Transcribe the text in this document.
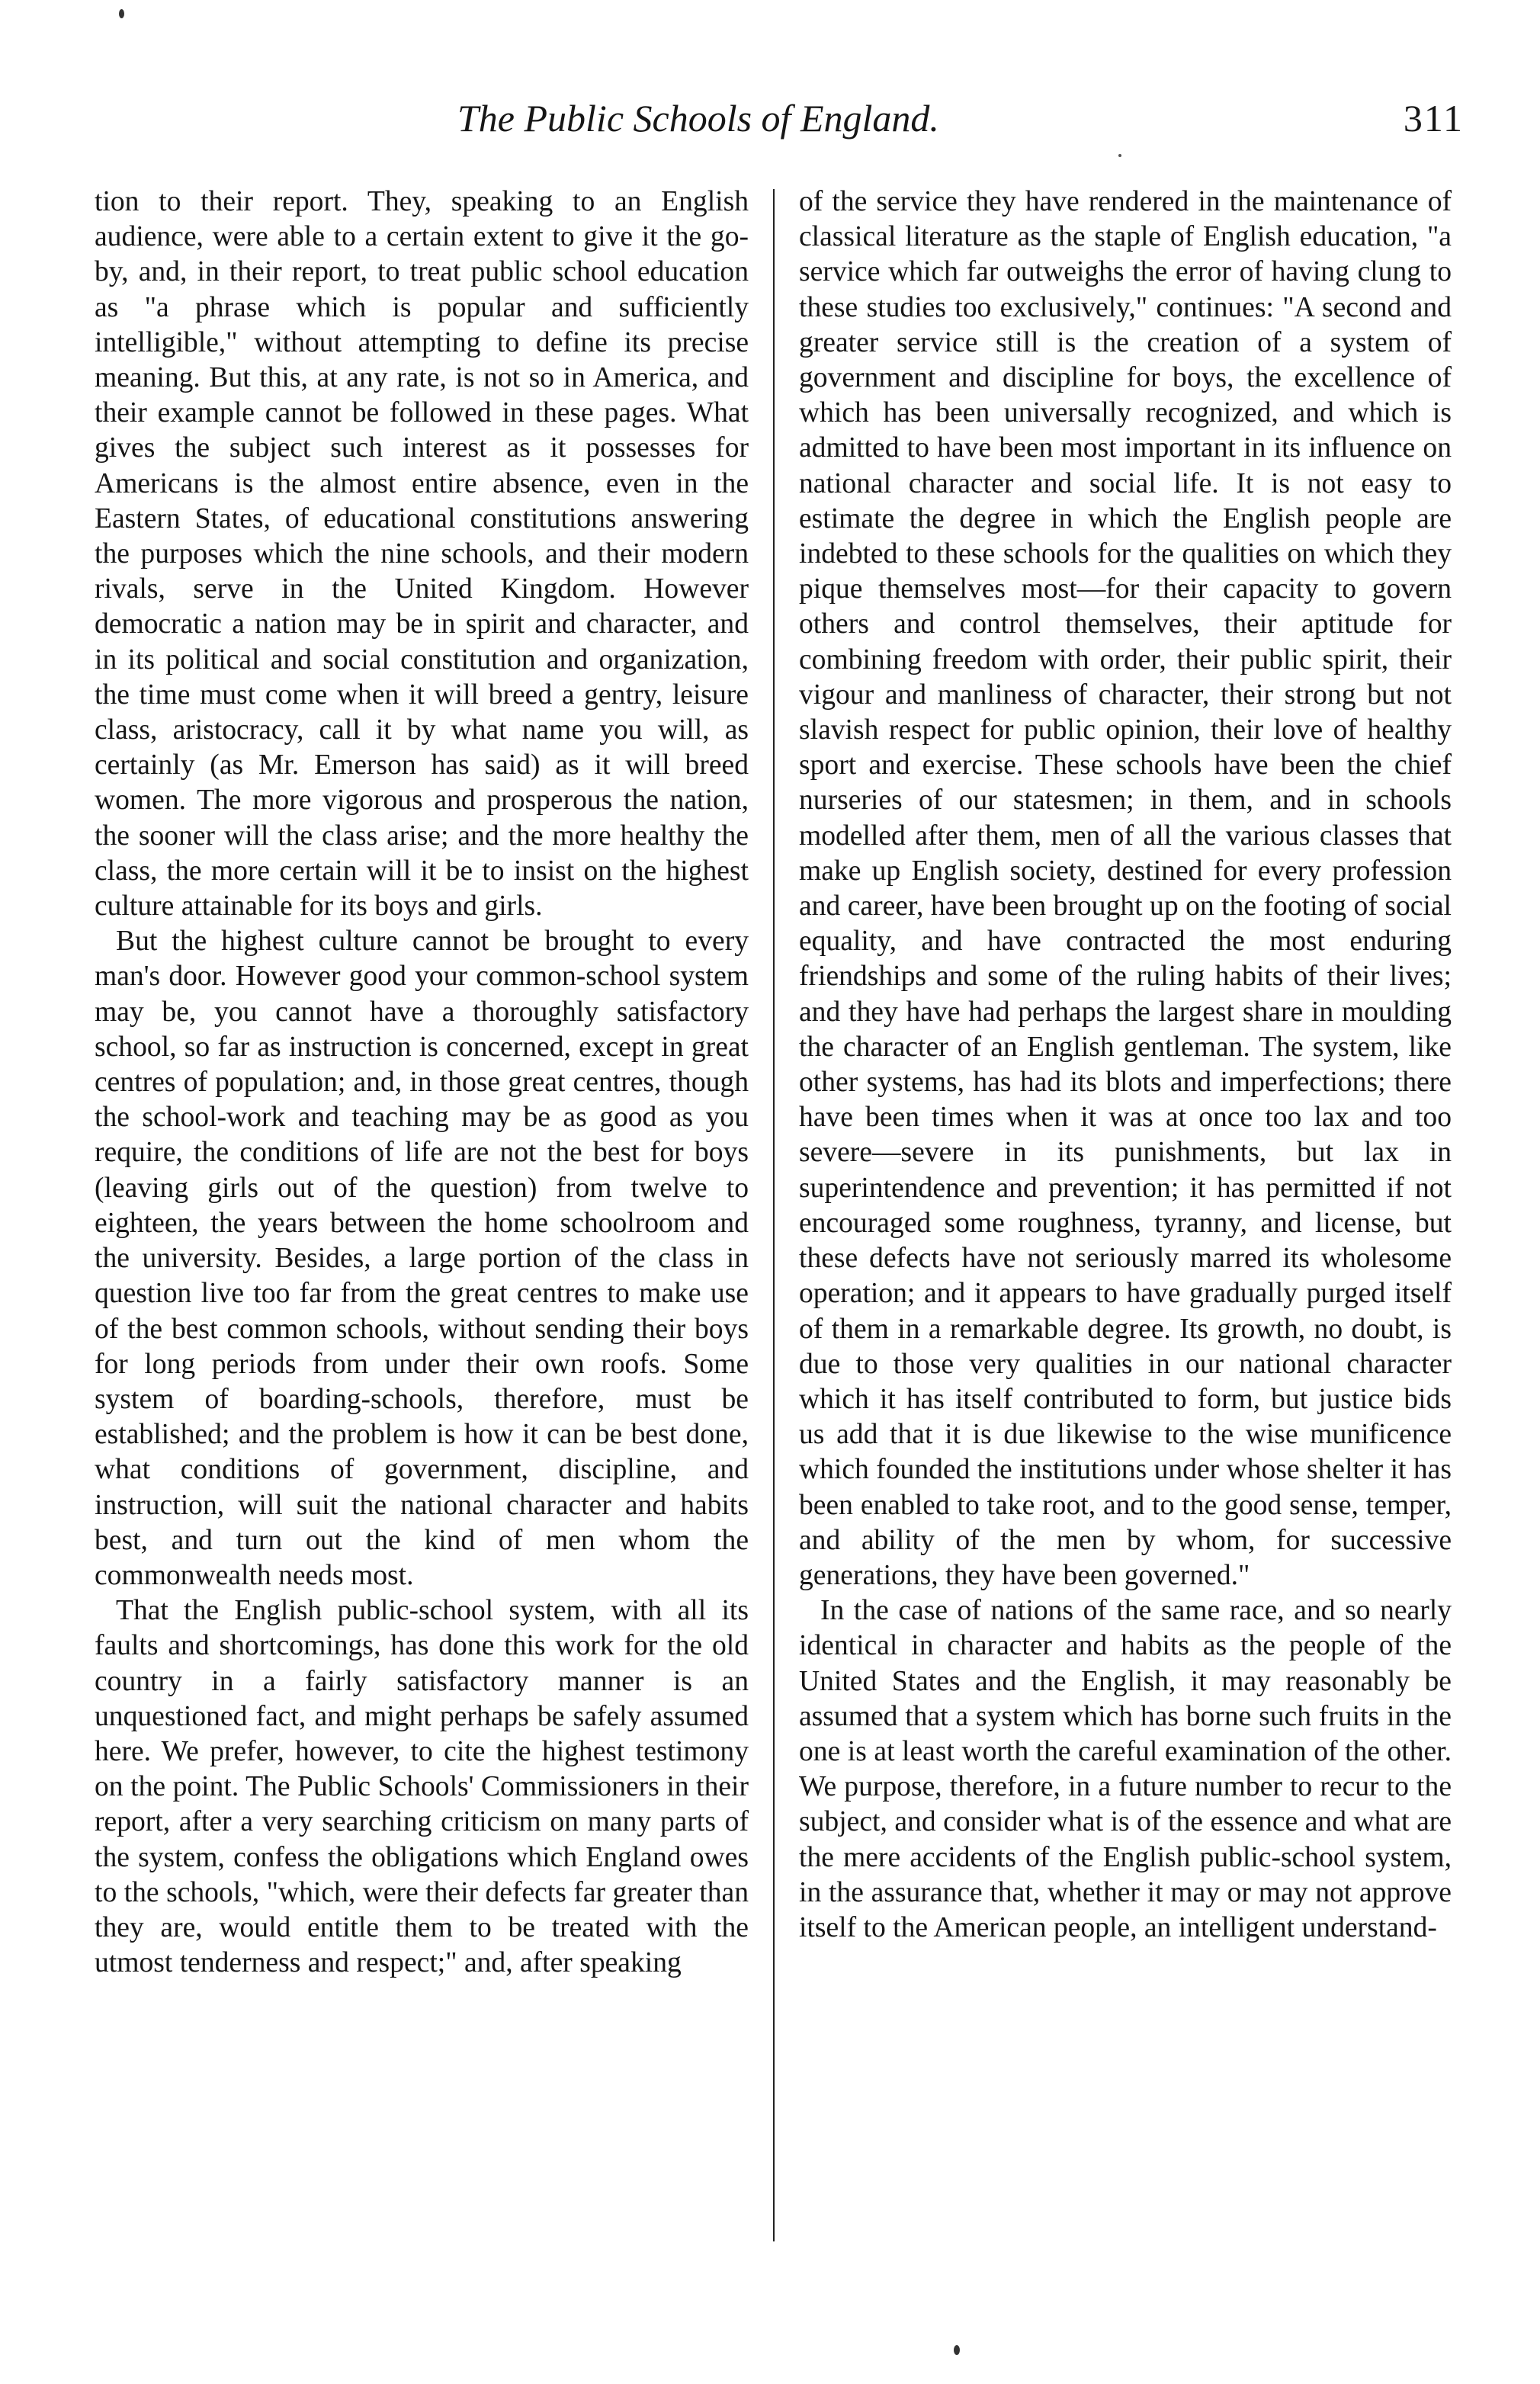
The Public Schools of England.	311

tion to their report. They, speaking to an English audience, were able to a certain extent to give it the go-by, and, in their report, to treat public school education as "a phrase which is popular and sufficiently intelligible," without attempting to define its precise meaning. But this, at any rate, is not so in America, and their example cannot be followed in these pages. What gives the subject such interest as it possesses for Americans is the almost entire absence, even in the Eastern States, of educational constitutions answering the purposes which the nine schools, and their modern rivals, serve in the United Kingdom. However democratic a nation may be in spirit and character, and in its political and social constitution and organization, the time must come when it will breed a gentry, leisure class, aristocracy, call it by what name you will, as certainly (as Mr. Emerson has said) as it will breed women. The more vigorous and prosperous the nation, the sooner will the class arise; and the more healthy the class, the more certain will it be to insist on the highest culture attainable for its boys and girls.

But the highest culture cannot be brought to every man's door. However good your common-school system may be, you cannot have a thoroughly satisfactory school, so far as instruction is concerned, except in great centres of population; and, in those great centres, though the school-work and teaching may be as good as you require, the conditions of life are not the best for boys (leaving girls out of the question) from twelve to eighteen, the years between the home schoolroom and the university. Besides, a large portion of the class in question live too far from the great centres to make use of the best common schools, without sending their boys for long periods from under their own roofs. Some system of boarding-schools, therefore, must be established; and the problem is how it can be best done, what conditions of government, discipline, and instruction, will suit the national character and habits best, and turn out the kind of men whom the commonwealth needs most.

That the English public-school system, with all its faults and shortcomings, has done this work for the old country in a fairly satisfactory manner is an unquestioned fact, and might perhaps be safely assumed here. We prefer, however, to cite the highest testimony on the point. The Public Schools' Commissioners in their report, after a very searching criticism on many parts of the system, confess the obligations which England owes to the schools, "which, were their defects far greater than they are, would entitle them to be treated with the utmost tenderness and respect;" and, after speaking

of the service they have rendered in the maintenance of classical literature as the staple of English education, "a service which far outweighs the error of having clung to these studies too exclusively," continues: "A second and greater service still is the creation of a system of government and discipline for boys, the excellence of which has been universally recognized, and which is admitted to have been most important in its influence on national character and social life. It is not easy to estimate the degree in which the English people are indebted to these schools for the qualities on which they pique themselves most—for their capacity to govern others and control themselves, their aptitude for combining freedom with order, their public spirit, their vigour and manliness of character, their strong but not slavish respect for public opinion, their love of healthy sport and exercise. These schools have been the chief nurseries of our statesmen; in them, and in schools modelled after them, men of all the various classes that make up English society, destined for every profession and career, have been brought up on the footing of social equality, and have contracted the most enduring friendships and some of the ruling habits of their lives; and they have had perhaps the largest share in moulding the character of an English gentleman. The system, like other systems, has had its blots and imperfections; there have been times when it was at once too lax and too severe—severe in its punishments, but lax in superintendence and prevention; it has permitted if not encouraged some roughness, tyranny, and license, but these defects have not seriously marred its wholesome operation; and it appears to have gradually purged itself of them in a remarkable degree. Its growth, no doubt, is due to those very qualities in our national character which it has itself contributed to form, but justice bids us add that it is due likewise to the wise munificence which founded the institutions under whose shelter it has been enabled to take root, and to the good sense, temper, and ability of the men by whom, for successive generations, they have been governed."

In the case of nations of the same race, and so nearly identical in character and habits as the people of the United States and the English, it may reasonably be assumed that a system which has borne such fruits in the one is at least worth the careful examination of the other. We purpose, therefore, in a future number to recur to the subject, and consider what is of the essence and what are the mere accidents of the English public-school system, in the assurance that, whether it may or may not approve itself to the American people, an intelligent understand-
